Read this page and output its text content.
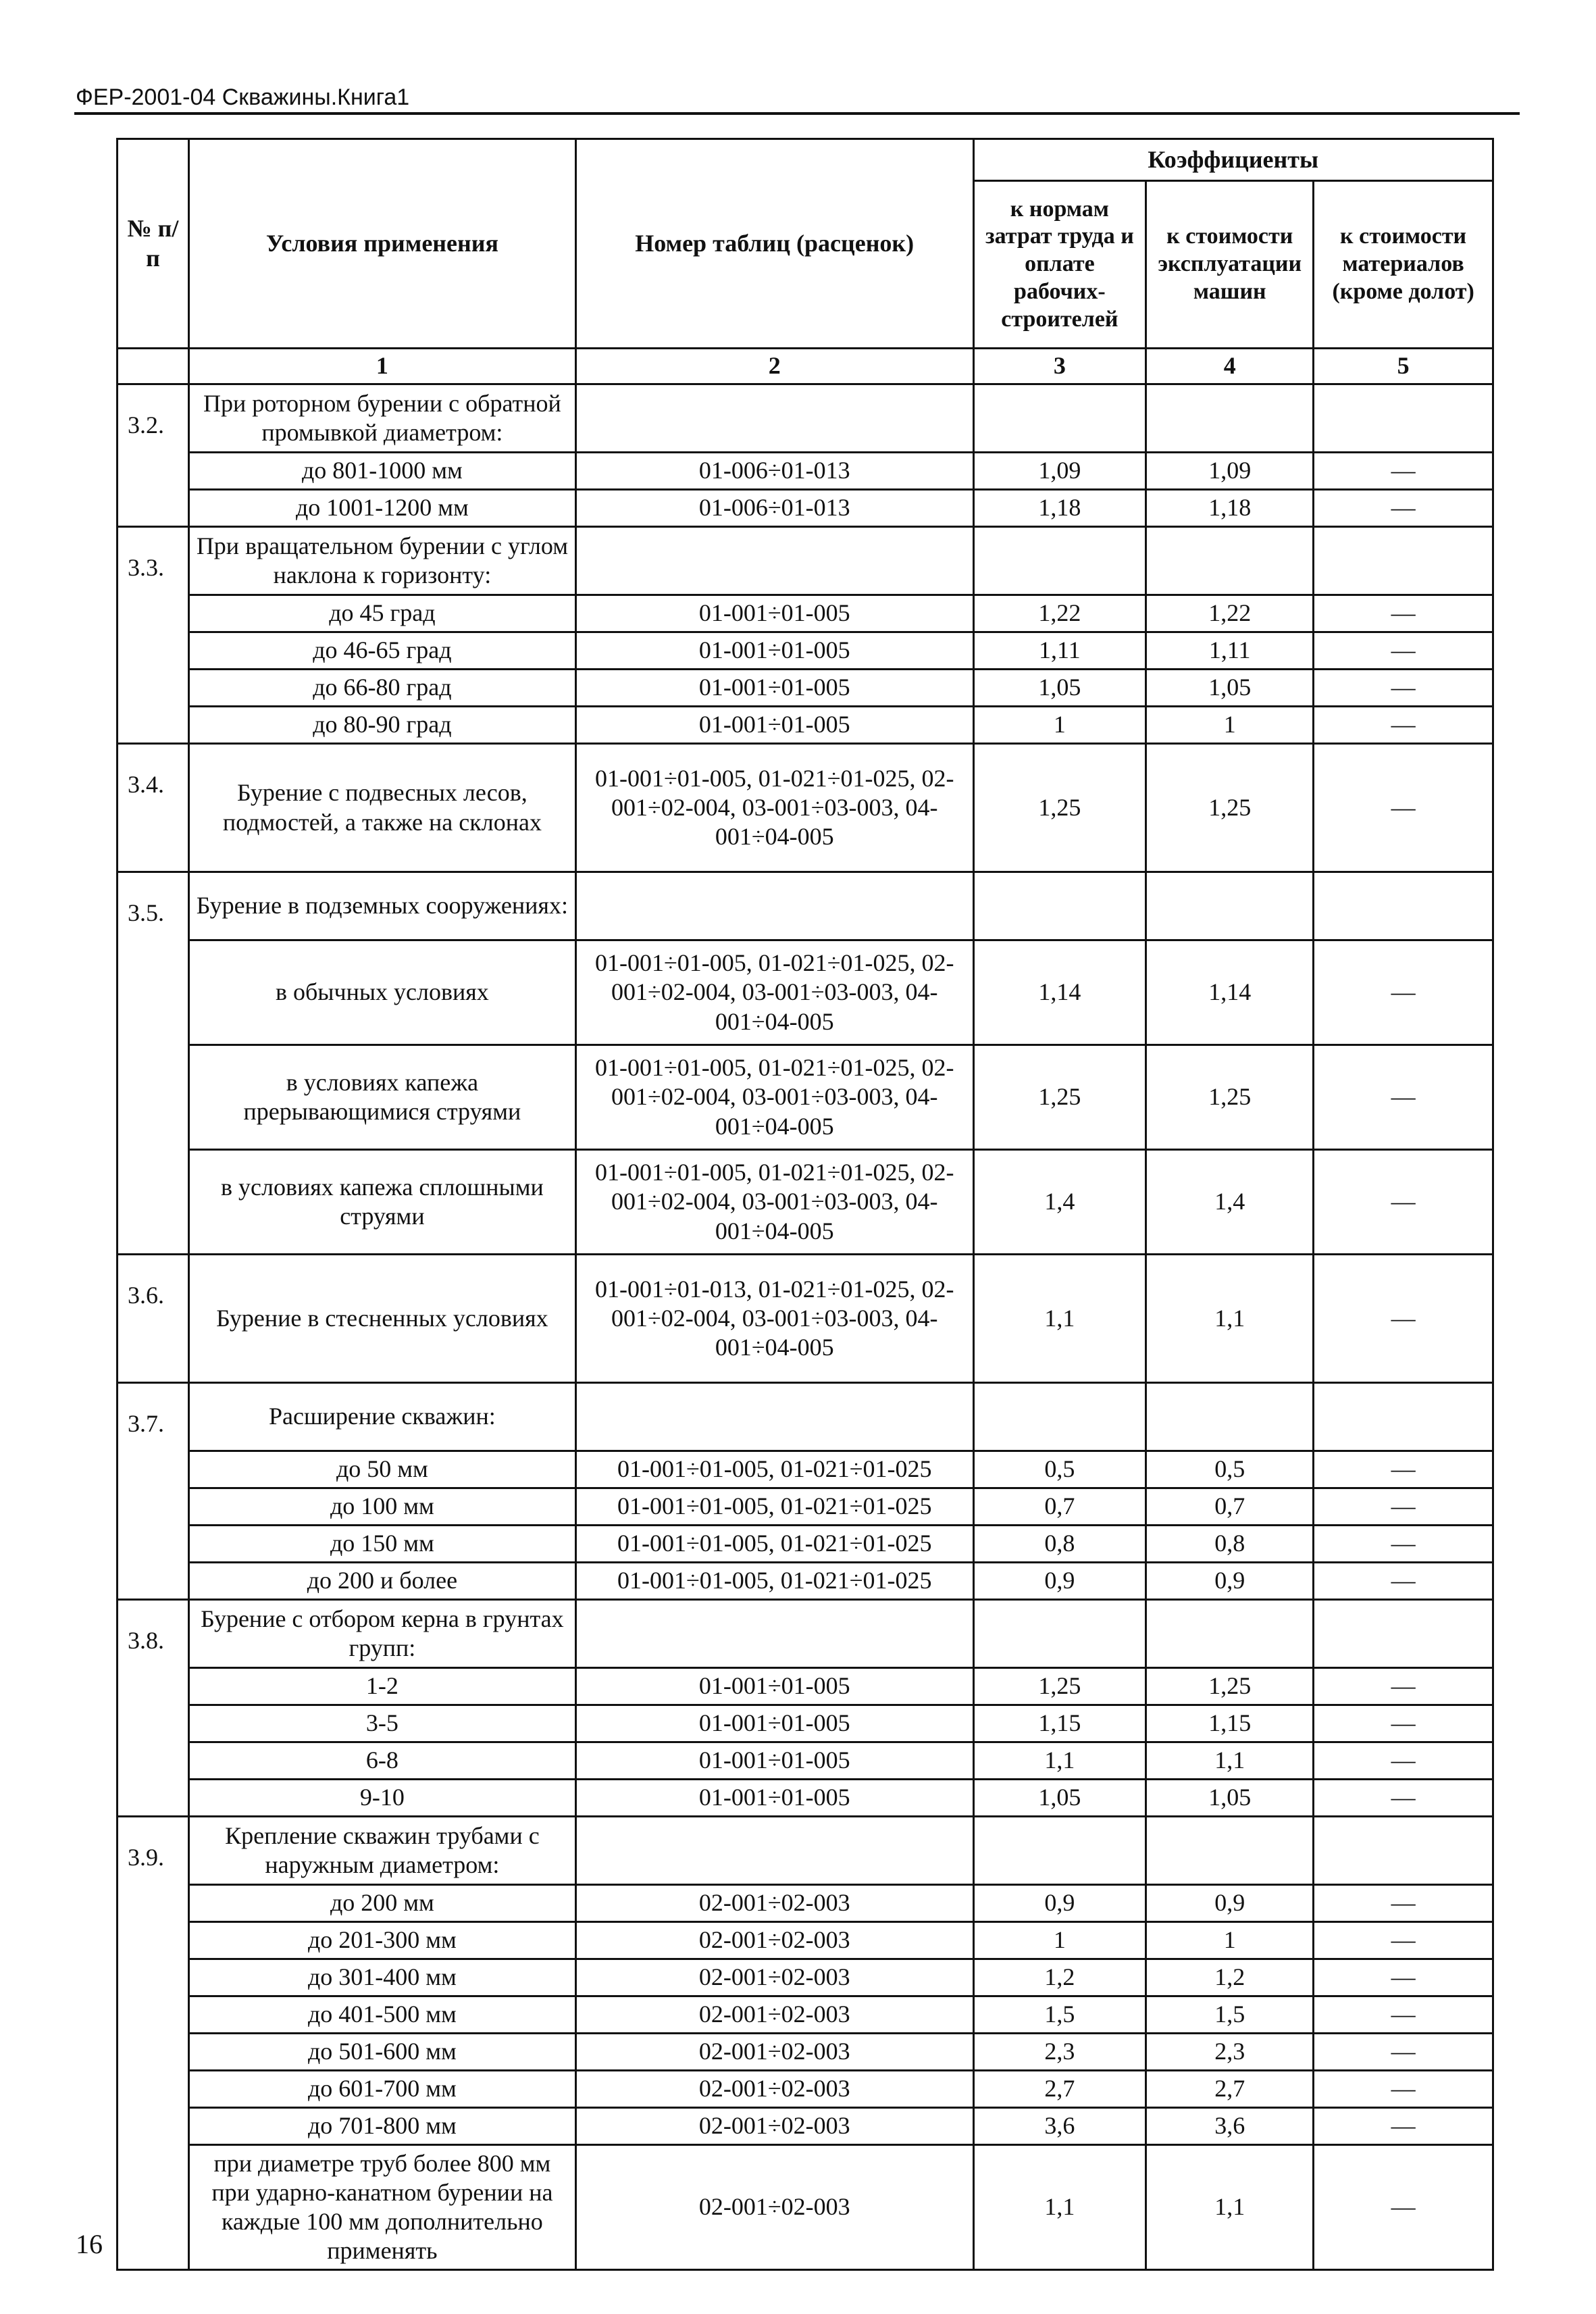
ФЕР-2001-04 Скважины.Книга1
№ п/п	Условия применения	Номер таблиц (расценок)	Коэффициенты		
			к нормам затрат труда и оплате рабочих-строителей	к стоимости эксплуатации машин	к стоимости материалов (кроме долот)
	1	2	3	4	5
3.2.	При роторном бурении с обратной промывкой диаметром:				
	до 801-1000 мм	01-006÷01-013	1,09	1,09	—
	до 1001-1200 мм	01-006÷01-013	1,18	1,18	—
3.3.	При вращательном бурении с углом наклона к горизонту:				
	до 45 град	01-001÷01-005	1,22	1,22	—
	до 46-65 град	01-001÷01-005	1,11	1,11	—
	до 66-80 град	01-001÷01-005	1,05	1,05	—
	до 80-90 град	01-001÷01-005	1	1	—
3.4.	Бурение с подвесных лесов, подмостей, а также на склонах	01-001÷01-005, 01-021÷01-025, 02-001÷02-004, 03-001÷03-003, 04-001÷04-005	1,25	1,25	—
3.5.	Бурение в подземных сооружениях:				
	в обычных условиях	01-001÷01-005, 01-021÷01-025, 02-001÷02-004, 03-001÷03-003, 04-001÷04-005	1,14	1,14	—
	в условиях капежа прерывающимися струями	01-001÷01-005, 01-021÷01-025, 02-001÷02-004, 03-001÷03-003, 04-001÷04-005	1,25	1,25	—
	в условиях капежа сплошными струями	01-001÷01-005, 01-021÷01-025, 02-001÷02-004, 03-001÷03-003, 04-001÷04-005	1,4	1,4	—
3.6.	Бурение в стесненных условиях	01-001÷01-013, 01-021÷01-025, 02-001÷02-004, 03-001÷03-003, 04-001÷04-005	1,1	1,1	—
3.7.	Расширение скважин:				
	до 50 мм	01-001÷01-005, 01-021÷01-025	0,5	0,5	—
	до 100 мм	01-001÷01-005, 01-021÷01-025	0,7	0,7	—
	до 150 мм	01-001÷01-005, 01-021÷01-025	0,8	0,8	—
	до 200 и более	01-001÷01-005, 01-021÷01-025	0,9	0,9	—
3.8.	Бурение с отбором керна в грунтах групп:				
	1-2	01-001÷01-005	1,25	1,25	—
	3-5	01-001÷01-005	1,15	1,15	—
	6-8	01-001÷01-005	1,1	1,1	—
	9-10	01-001÷01-005	1,05	1,05	—
3.9.	Крепление скважин трубами с наружным диаметром:				
	до 200 мм	02-001÷02-003	0,9	0,9	—
	до 201-300 мм	02-001÷02-003	1	1	—
	до 301-400 мм	02-001÷02-003	1,2	1,2	—
	до 401-500 мм	02-001÷02-003	1,5	1,5	—
	до 501-600 мм	02-001÷02-003	2,3	2,3	—
	до 601-700 мм	02-001÷02-003	2,7	2,7	—
	до 701-800 мм	02-001÷02-003	3,6	3,6	—
	при диаметре труб более 800 мм при ударно-канатном бурении на каждые 100 мм дополнительно применять	02-001÷02-003	1,1	1,1	—
16
